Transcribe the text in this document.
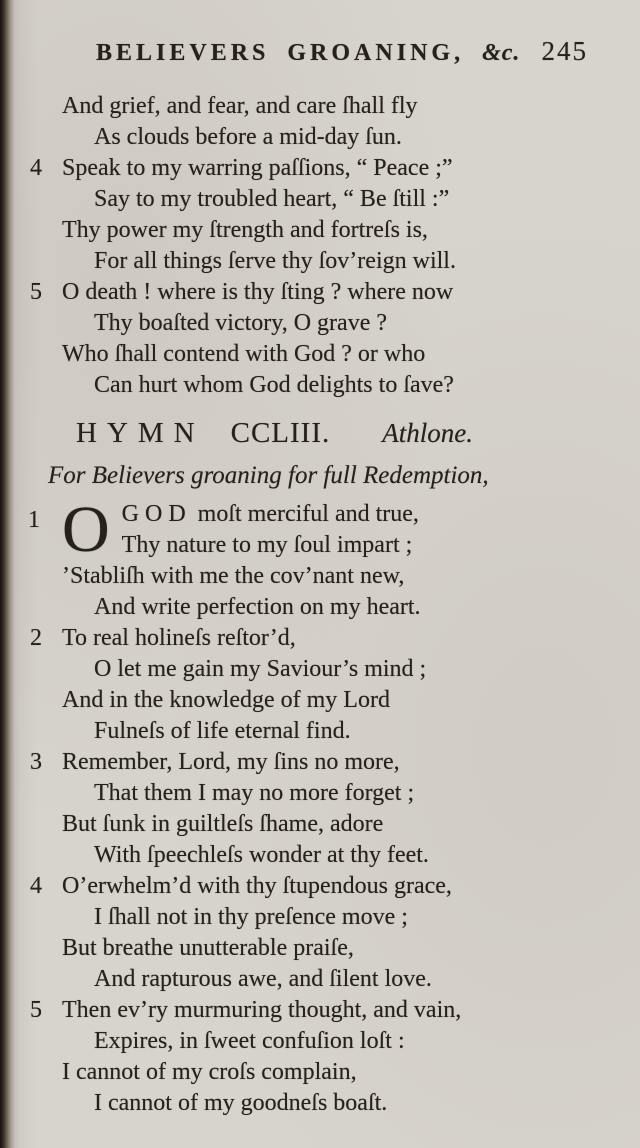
BELIEVERS GROANING, &c. 245
And grief, and fear, and care ſhall fly
As clouds before a mid-day ſun.
4 Speak to my warring paſſions, “ Peace ;”
Say to my troubled heart, “ Be ſtill :”
Thy power my ſtrength and fortreſs is,
For all things ſerve thy ſov’reign will.
5 O death ! where is thy ſting ? where now
Thy boaſted victory, O grave ?
Who ſhall contend with God ? or who
Can hurt whom God delights to ſave?
HYMN CCLIII. Athlone.
For Believers groaning for full Redemption,
1 O GOD moſt merciful and true,
Thy nature to my ſoul impart ;
’Stabliſh with me the cov’nant new,
And write perfection on my heart.
2 To real holineſs reſtor’d,
O let me gain my Saviour’s mind ;
And in the knowledge of my Lord
Fulneſs of life eternal find.
3 Remember, Lord, my ſins no more,
That them I may no more forget ;
But ſunk in guiltleſs ſhame, adore
With ſpeechleſs wonder at thy feet.
4 O’erwhelm’d with thy ſtupendous grace,
I ſhall not in thy preſence move ;
But breathe unutterable praiſe,
And rapturous awe, and ſilent love.
5 Then ev’ry murmuring thought, and vain,
Expires, in ſweet confuſion loſt :
I cannot of my croſs complain,
I cannot of my goodneſs boaſt.
